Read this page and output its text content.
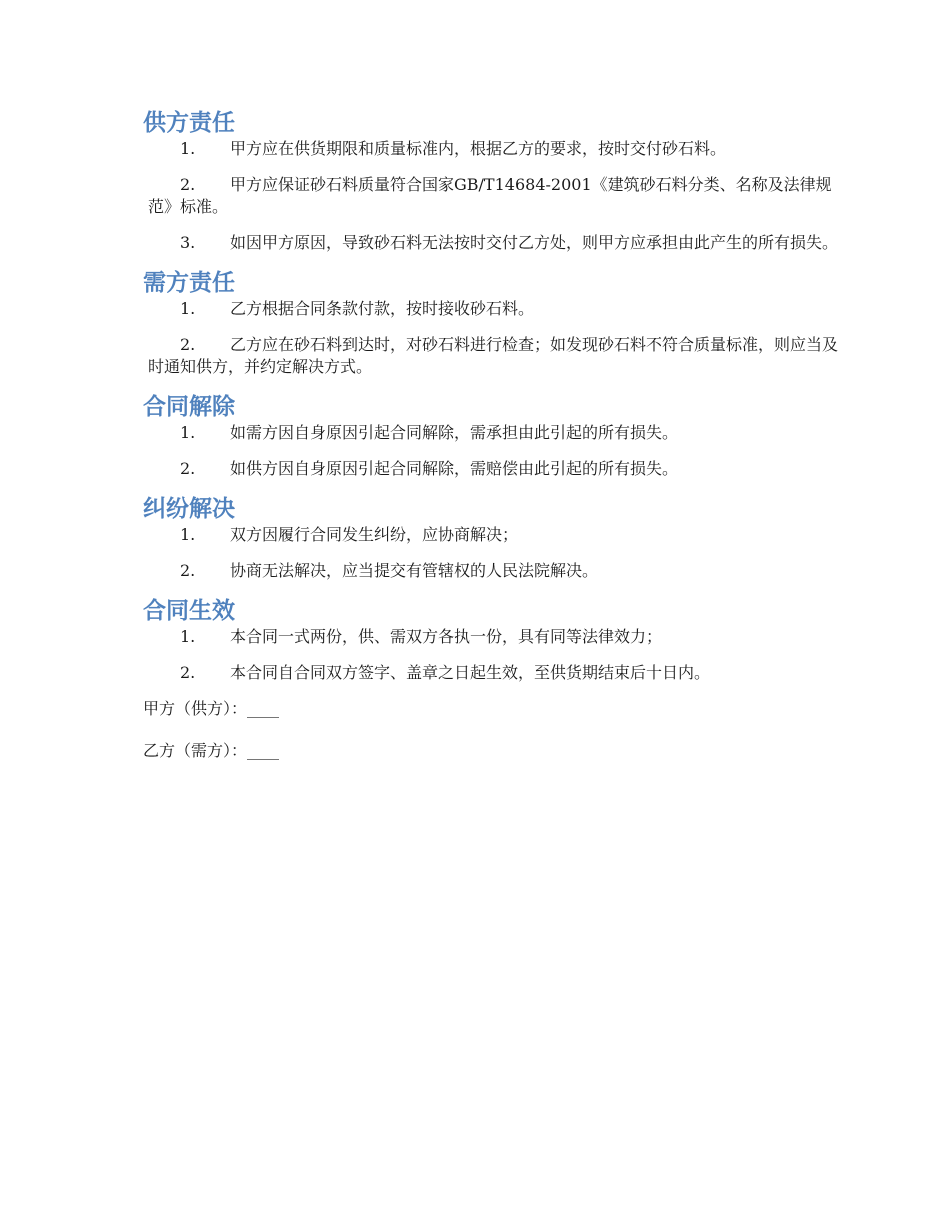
供方责任
1.	甲方应在供货期限和质量标准内，根据乙方的要求，按时交付砂石料。
2.	甲方应保证砂石料质量符合国家GB/T14684-2001《建筑砂石料分类、名称及法律规范》标准。
3.	如因甲方原因，导致砂石料无法按时交付乙方处，则甲方应承担由此产生的所有损失。
需方责任
1.	乙方根据合同条款付款，按时接收砂石料。
2.	乙方应在砂石料到达时，对砂石料进行检查；如发现砂石料不符合质量标准，则应当及时通知供方，并约定解决方式。
合同解除
1.	如需方因自身原因引起合同解除，需承担由此引起的所有损失。
2.	如供方因自身原因引起合同解除，需赔偿由此引起的所有损失。
纠纷解决
1.	双方因履行合同发生纠纷，应协商解决；
2.	协商无法解决，应当提交有管辖权的人民法院解决。
合同生效
1.	本合同一式两份，供、需双方各执一份，具有同等法律效力；
2.	本合同自合同双方签字、盖章之日起生效，至供货期结束后十日内。
甲方（供方）：____
乙方（需方）：____
